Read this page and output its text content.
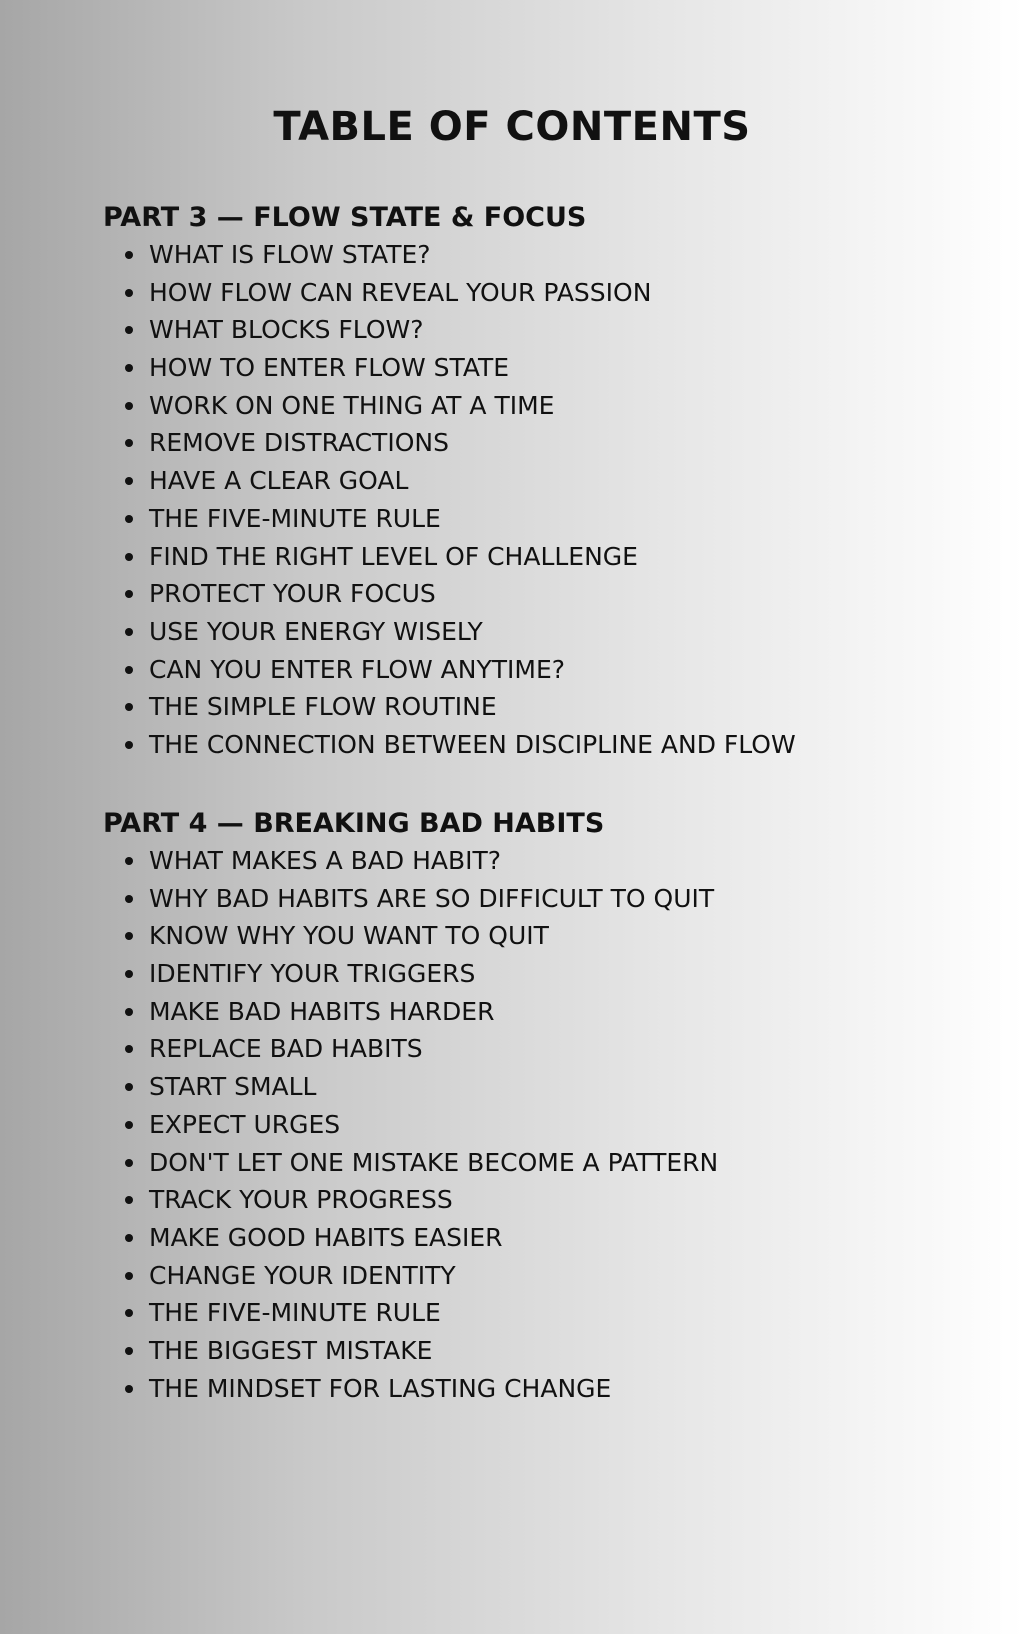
TABLE OF CONTENTS
PART 3 — FLOW STATE & FOCUS
WHAT IS FLOW STATE?
HOW FLOW CAN REVEAL YOUR PASSION
WHAT BLOCKS FLOW?
HOW TO ENTER FLOW STATE
WORK ON ONE THING AT A TIME
REMOVE DISTRACTIONS
HAVE A CLEAR GOAL
THE FIVE-MINUTE RULE
FIND THE RIGHT LEVEL OF CHALLENGE
PROTECT YOUR FOCUS
USE YOUR ENERGY WISELY
CAN YOU ENTER FLOW ANYTIME?
THE SIMPLE FLOW ROUTINE
THE CONNECTION BETWEEN DISCIPLINE AND FLOW
PART 4 — BREAKING BAD HABITS
WHAT MAKES A BAD HABIT?
WHY BAD HABITS ARE SO DIFFICULT TO QUIT
KNOW WHY YOU WANT TO QUIT
IDENTIFY YOUR TRIGGERS
MAKE BAD HABITS HARDER
REPLACE BAD HABITS
START SMALL
EXPECT URGES
DON'T LET ONE MISTAKE BECOME A PATTERN
TRACK YOUR PROGRESS
MAKE GOOD HABITS EASIER
CHANGE YOUR IDENTITY
THE FIVE-MINUTE RULE
THE BIGGEST MISTAKE
THE MINDSET FOR LASTING CHANGE
